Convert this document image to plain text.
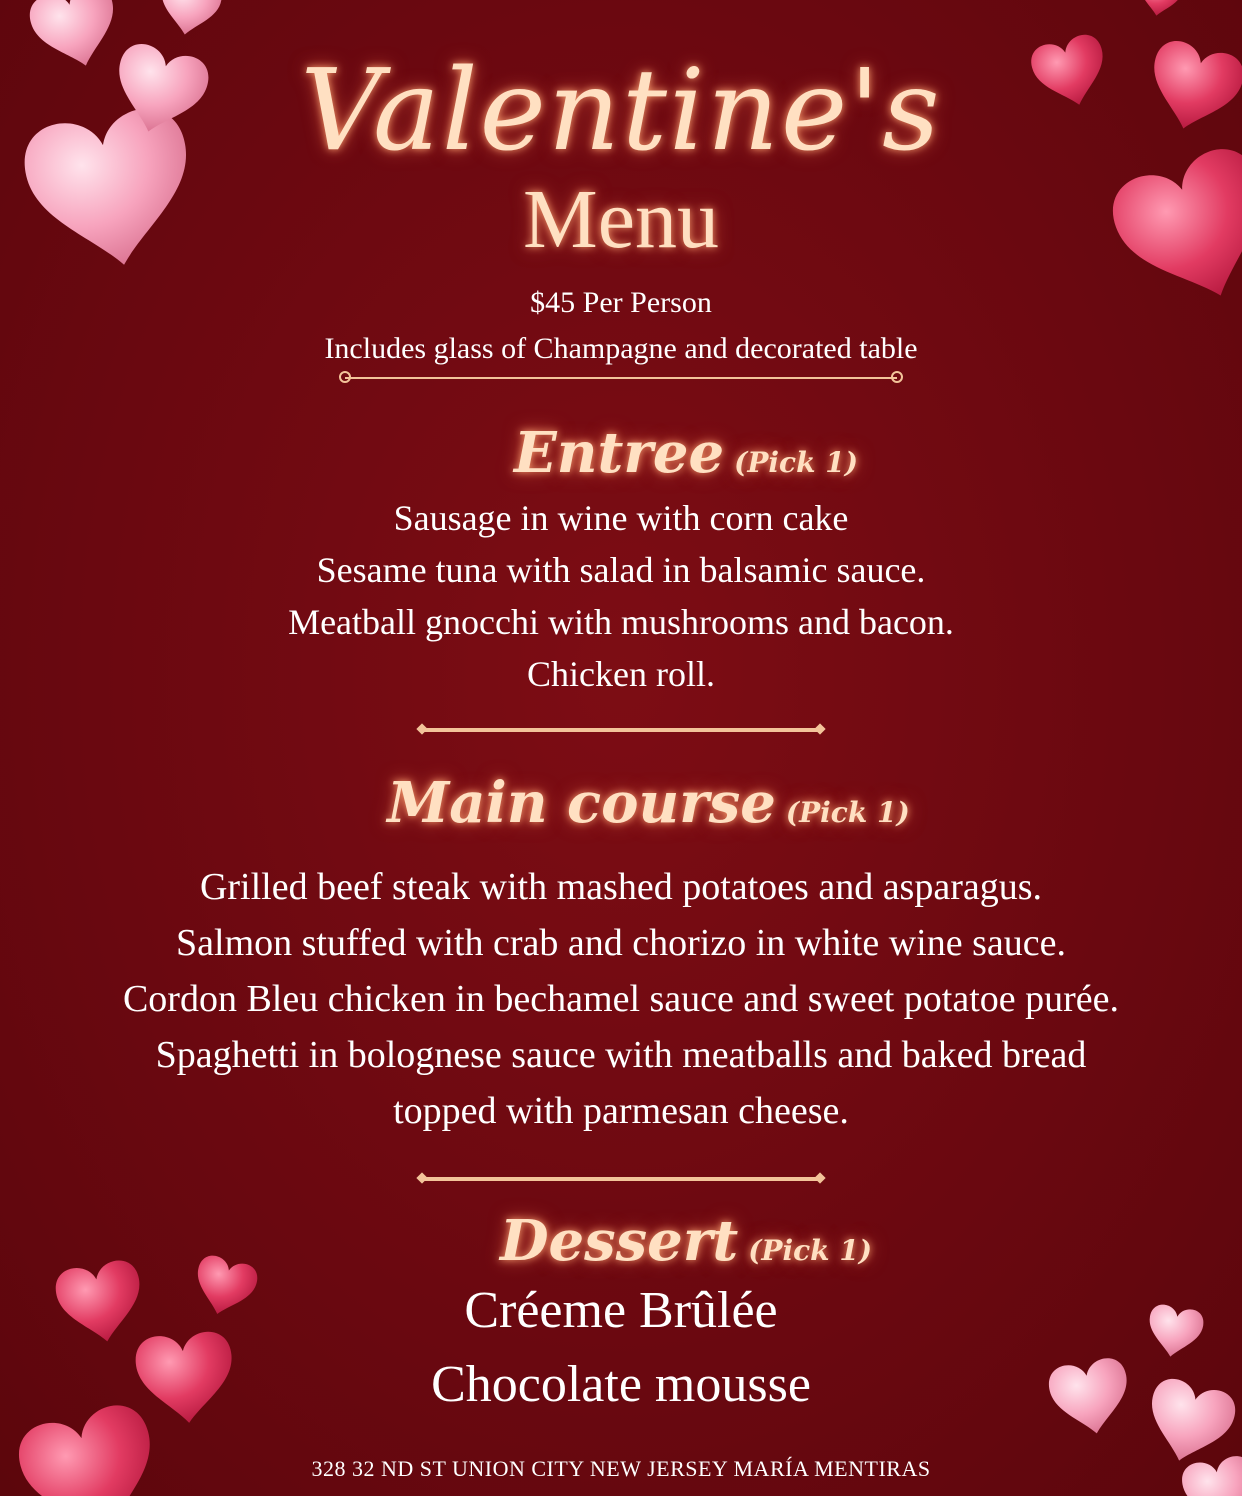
Valentine's
Menu
$45 Per Person
Includes glass of Champagne and decorated table
Entree (Pick 1)
Sausage in wine with corn cake
Sesame tuna with salad in balsamic sauce.
Meatball gnocchi with mushrooms and bacon.
Chicken roll.
Main course (Pick 1)
Grilled beef steak with mashed potatoes and asparagus.
Salmon stuffed with crab and chorizo in white wine sauce.
Cordon Bleu chicken in bechamel sauce and sweet potatoe purée.
Spaghetti in bolognese sauce with meatballs and baked bread
topped with parmesan cheese.
Dessert (Pick 1)
Créeme Brûlée
Chocolate mousse
328 32 ND ST UNION CITY NEW JERSEY MARÍA MENTIRAS
